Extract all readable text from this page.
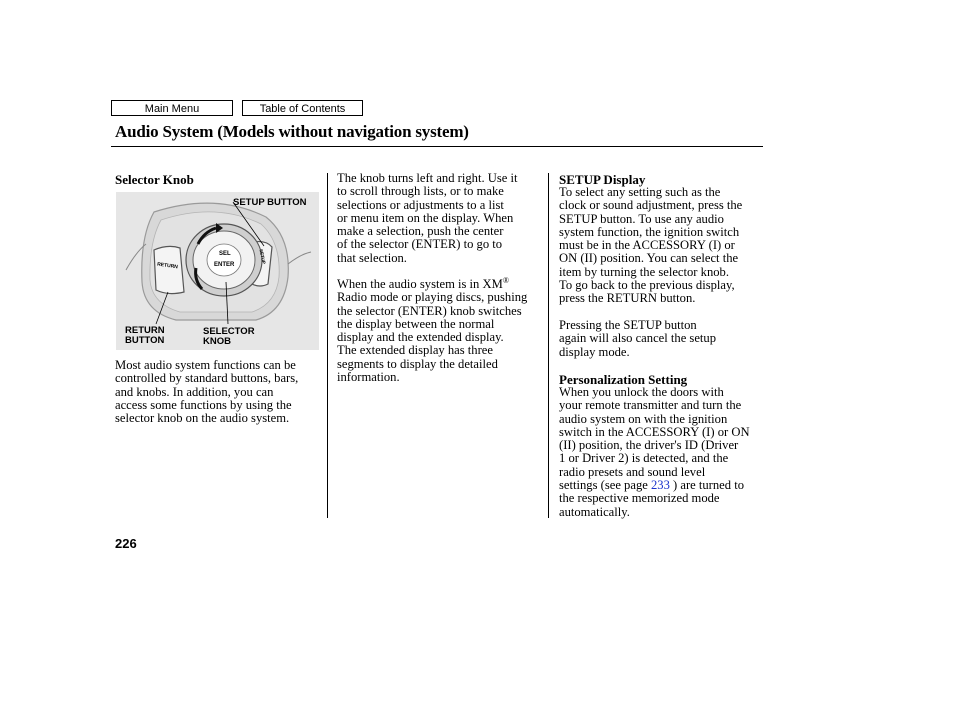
Main Menu	Table of Contents
Audio System (Models without navigation system)
Selector Knob
SETUP BUTTON
RETURN
BUTTON
SELECTOR
KNOB
RETURN
SEL
ENTER
SETUP

Most audio system functions can be
controlled by standard buttons, bars,
and knobs. In addition, you can
access some functions by using the
selector knob on the audio system.

The knob turns left and right. Use it
to scroll through lists, or to make
selections or adjustments to a list
or menu item on the display. When
make a selection, push the center
of the selector (ENTER) to go to
that selection.

When the audio system is in XM®
Radio mode or playing discs, pushing
the selector (ENTER) knob switches
the display between the normal
display and the extended display.
The extended display has three
segments to display the detailed
information.

SETUP Display

To select any setting such as the
clock or sound adjustment, press the
SETUP button. To use any audio
system function, the ignition switch
must be in the ACCESSORY (I) or
ON (II) position. You can select the
item by turning the selector knob.
To go back to the previous display,
press the RETURN button.

Pressing the SETUP button
again will also cancel the setup
display mode.

Personalization Setting

When you unlock the doors with
your remote transmitter and turn the
audio system on with the ignition
switch in the ACCESSORY (I) or ON
(II) position, the driver's ID (Driver
1 or Driver 2) is detected, and the
radio presets and sound level
settings (see page 233 ) are turned to
the respective memorized mode
automatically.

226
